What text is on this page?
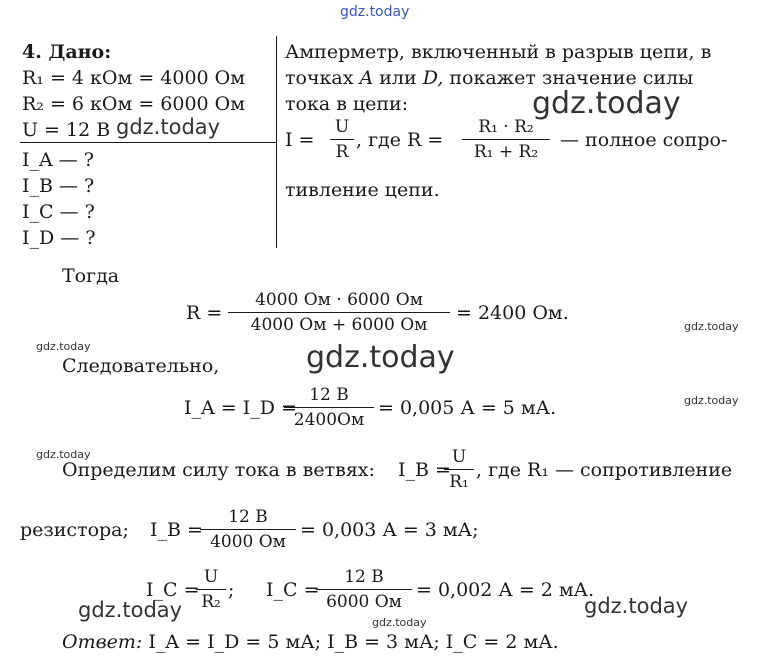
gdz.today
4. Дано:
R₁ = 4 кОм = 4000 Ом
R₂ = 6 кОм = 6000 Ом
U = 12 В gdz.today
I_A — ?
I_B — ?
I_C — ?
I_D — ?
Амперметр, включенный в разрыв цепи, в
точках A или D, покажет значение силы
тока в цепи:	gdz.today
I =
U
R
, где R =
R₁ · R₂
R₁ + R₂
— полное сопро-
тивление цепи.
Тогда
R =
4000 Ом · 6000 Ом
4000 Ом + 6000 Ом
= 2400 Ом.
gdz.today
gdz.today	gdz.today
Следовательно,
I_A = I_D =
12 В
2400Ом
= 0,005 А = 5 мА.	gdz.today
gdz.today
Определим силу тока в ветвях: I_B =
U
R₁
, где R₁ — сопротивление
резистора; I_B =
12 В
4000 Ом
= 0,003 А = 3 мА;
I_C =
U
R₂
; I_C =
12 В
6000 Ом
= 0,002 А = 2 мА.
gdz.today	gdz.today
gdz.today
Ответ: I_A = I_D = 5 мА; I_B = 3 мА; I_C = 2 мА.
